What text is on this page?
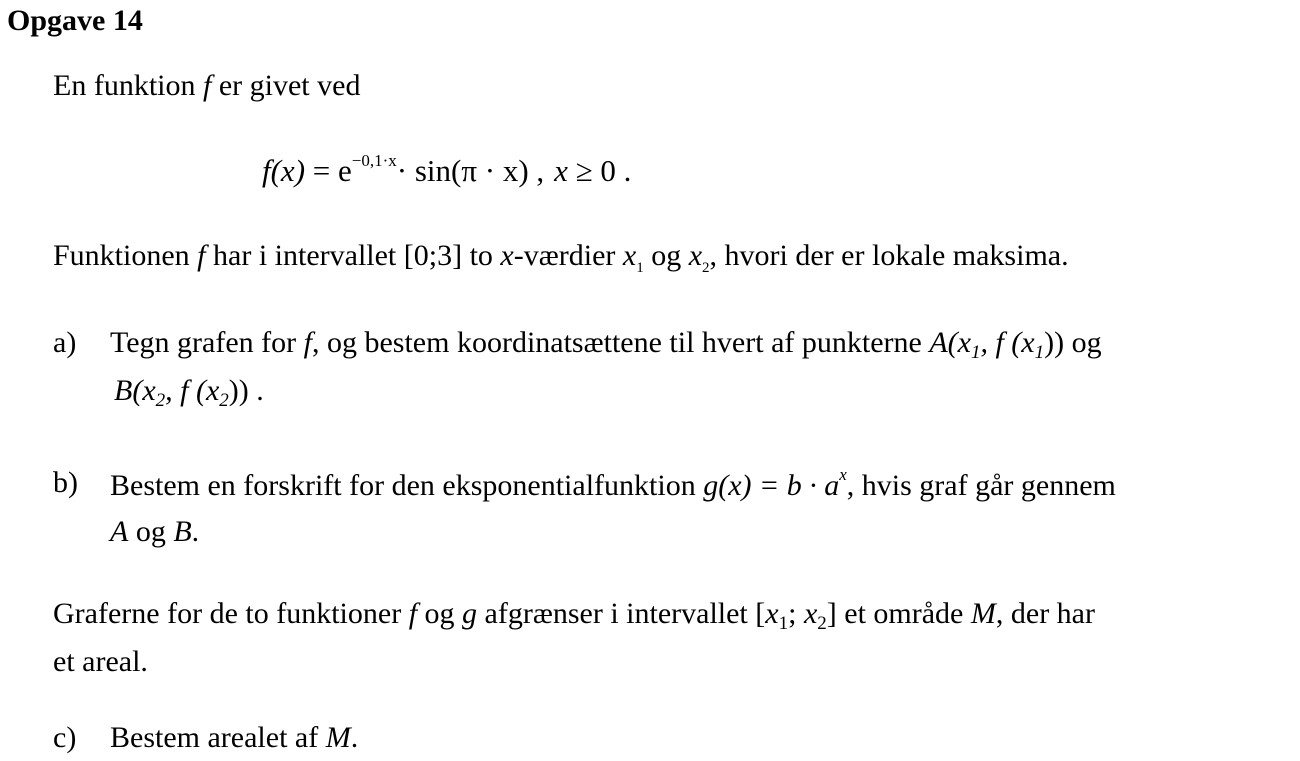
Opgave 14
En funktion f er givet ved
$f(x) = e^{-0,1\cdot x}\cdot \sin(\pi \cdot x)$ , x ≥ 0 .
Funktionen f har i intervallet [0;3] to x-værdier $x_1$ og $x_2$, hvori der er lokale maksima.
a) Tegn grafen for f, og bestem koordinatsættene til hvert af punkterne $A(x_1$, f $(x_1)$) og
$B(x_2$, f $(x_2)$) .
b) Bestem en forskrift for den eksponentialfunktion $g(x) = b \cdot a^x$, hvis graf går gennem
A og B.
Graferne for de to funktioner f og g afgrænser i intervallet [$x_1$; $x_2$] et område M, der har
et areal.
c) Bestem arealet af M.
